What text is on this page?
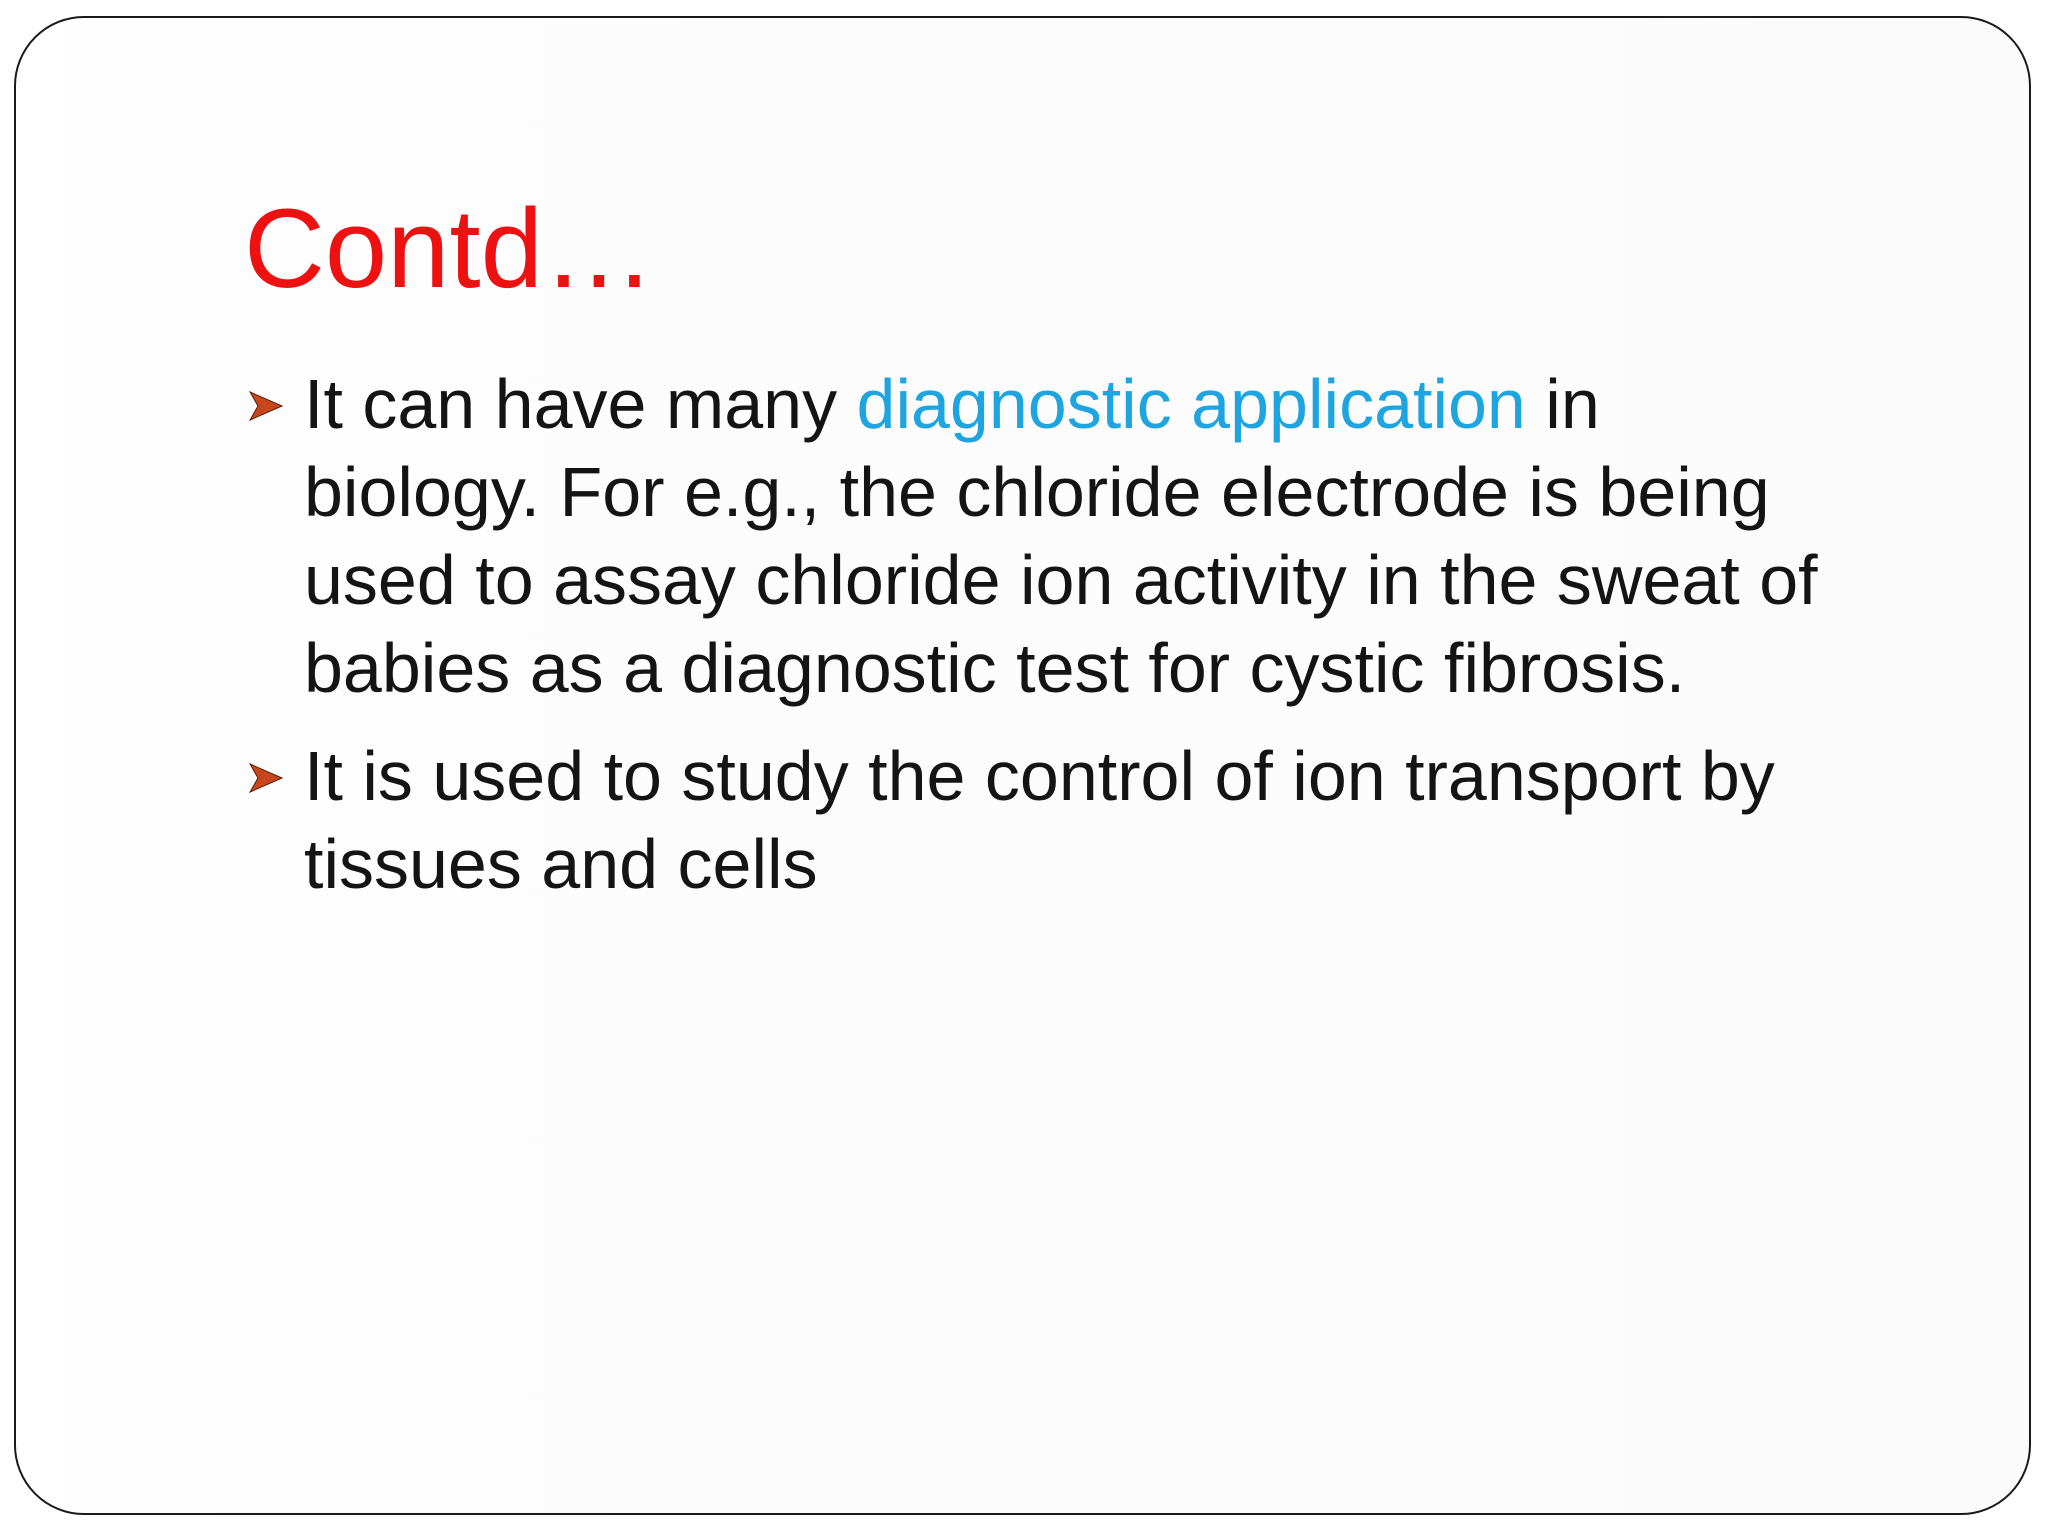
Contd…
It can have many diagnostic application in
biology. For e.g., the chloride electrode is being
used to assay chloride ion activity in the sweat of
babies as a diagnostic test for cystic fibrosis.
It is used to study the control of ion transport by
tissues and cells
